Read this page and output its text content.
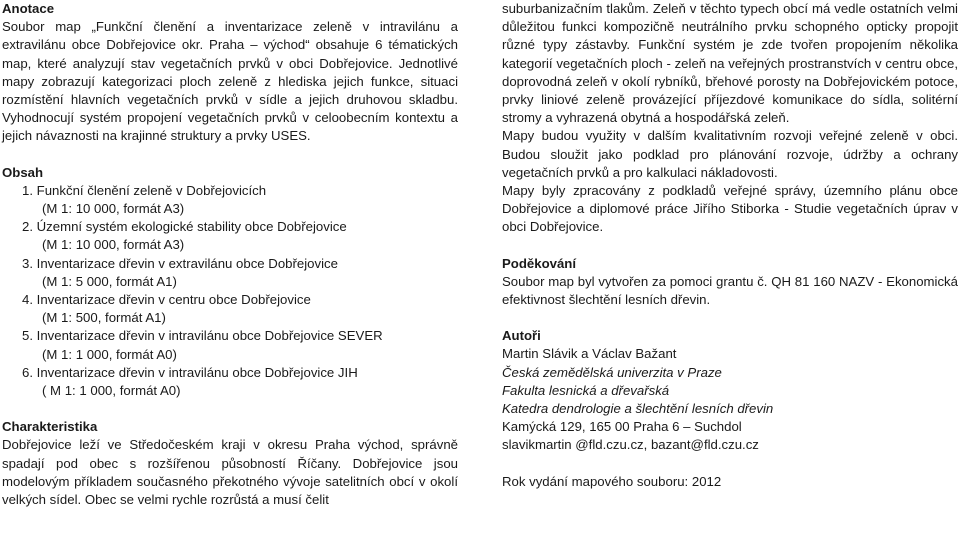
Anotace

Soubor map „Funkční členění a inventarizace zeleně v intravilánu a extravilánu obce Dobřejovice okr. Praha – východ“ obsahuje 6 tématických map, které analyzují stav vegetačních prvků v obci Dobřejovice. Jednotlivé mapy zobrazují kategorizaci ploch zeleně z hlediska jejich funkce, situaci rozmístění hlavních vegetačních prvků v sídle a jejich druhovou skladbu. Vyhodnocují systém propojení vegetačních prvků v celoobecním kontextu a jejich návaznosti na krajinné struktury a prvky USES.

Obsah

1. Funkční členění zeleně v Dobřejovicích
(M 1: 10 000, formát A3)
2. Územní systém ekologické stability obce Dobřejovice
(M 1: 10 000, formát A3)
3. Inventarizace dřevin v extravilánu obce Dobřejovice
(M 1: 5 000, formát A1)
4. Inventarizace dřevin v centru obce Dobřejovice
(M 1: 500, formát A1)
5. Inventarizace dřevin v intravilánu obce Dobřejovice SEVER
(M 1: 1 000, formát A0)
6. Inventarizace dřevin v intravilánu obce Dobřejovice JIH
( M 1: 1 000, formát A0)

Charakteristika

Dobřejovice leží ve Středočeském kraji v okresu Praha východ, správně spadají pod obec s rozšířenou působností Říčany. Dobřejovice jsou modelovým příkladem současného překotného vývoje satelitních obcí v okolí velkých sídel. Obec se velmi rychle rozrůstá a musí čelit

suburbanizačním tlakům. Zeleň v těchto typech obcí má vedle ostatních velmi důležitou funkci kompozičně neutrálního prvku schopného opticky propojit různé typy zástavby. Funkční systém je zde tvořen propojením několika kategorií vegetačních ploch - zeleň na veřejných prostranstvích v centru obce, doprovodná zeleň v okolí rybníků, břehové porosty na Dobřejovickém potoce, prvky liniové zeleně provázející příjezdové komunikace do sídla, solitérní stromy a vyhrazená obytná a hospodářská zeleň.

Mapy budou využity v dalším kvalitativním rozvoji veřejné zeleně v obci. Budou sloužit jako podklad pro plánování rozvoje, údržby a ochrany vegetačních prvků a pro kalkulaci nákladovosti.

Mapy byly zpracovány z podkladů veřejné správy, územního plánu obce Dobřejovice a diplomové práce Jiřího Stiborka - Studie vegetačních úprav v obci Dobřejovice.

Poděkování

Soubor map byl vytvořen za pomoci grantu č. QH 81 160 NAZV - Ekonomická efektivnost šlechtění lesních dřevin.

Autoři

Martin Slávik a Václav Bažant

Česká zemědělská univerzita v Praze

Fakulta lesnická a dřevařská

Katedra dendrologie a šlechtění lesních dřevin

Kamýcká 129, 165 00 Praha 6 – Suchdol

slavikmartin @fld.czu.cz, bazant@fld.czu.cz

Rok vydání mapového souboru: 2012
